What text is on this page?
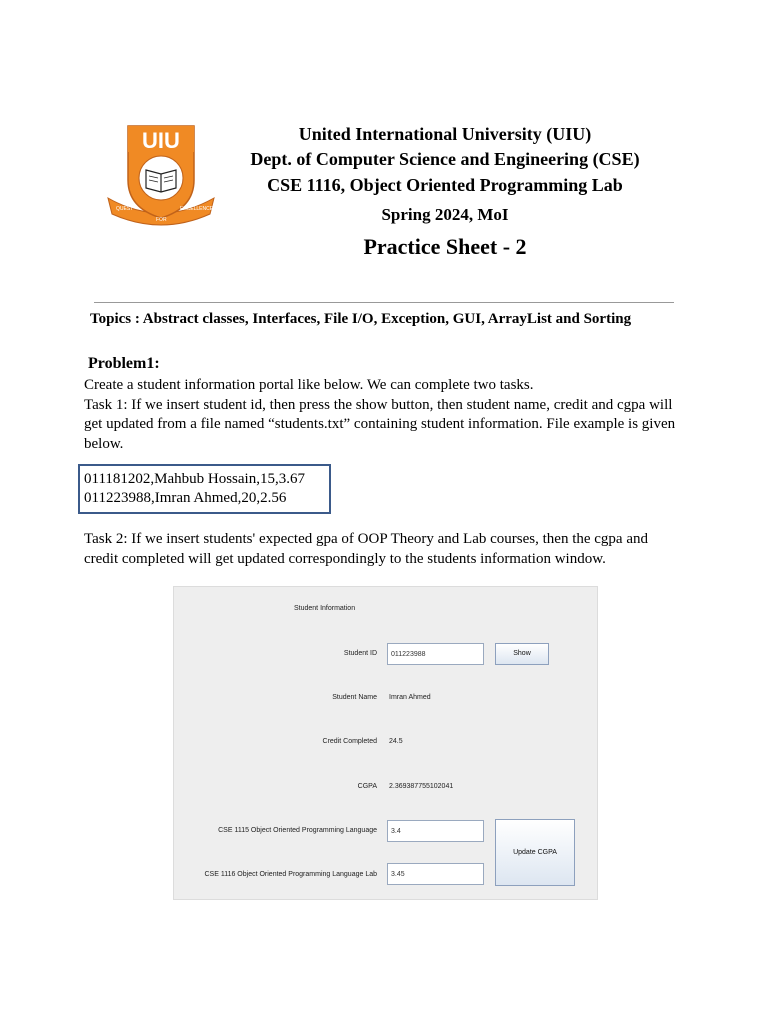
UIU
QUEST
FOR
EXCELLENCE
United International University (UIU)
Dept. of Computer Science and Engineering (CSE)
CSE 1116, Object Oriented Programming Lab
Spring 2024, MoI
Practice Sheet - 2
Topics : Abstract classes, Interfaces, File I/O, Exception, GUI, ArrayList and Sorting
Problem1:
Create a student information portal like below. We can complete two tasks.
Task 1: If we insert student id, then press the show button, then student name, credit and cgpa will get updated from a file named “students.txt” containing student information. File example is given below.
011181202,Mahbub Hossain,15,3.67
011223988,Imran Ahmed,20,2.56
Task 2: If we insert students' expected gpa of OOP Theory and Lab courses, then the cgpa and credit completed will get updated correspondingly to the students information window.
Student Information
Student ID
011223988	Show
Student Name Imran Ahmed
Credit Completed 24.5
CGPA 2.369387755102041
CSE 1115 Object Oriented Programming Language
3.4
CSE 1116 Object Oriented Programming Language Lab
3.45
Update CGPA
